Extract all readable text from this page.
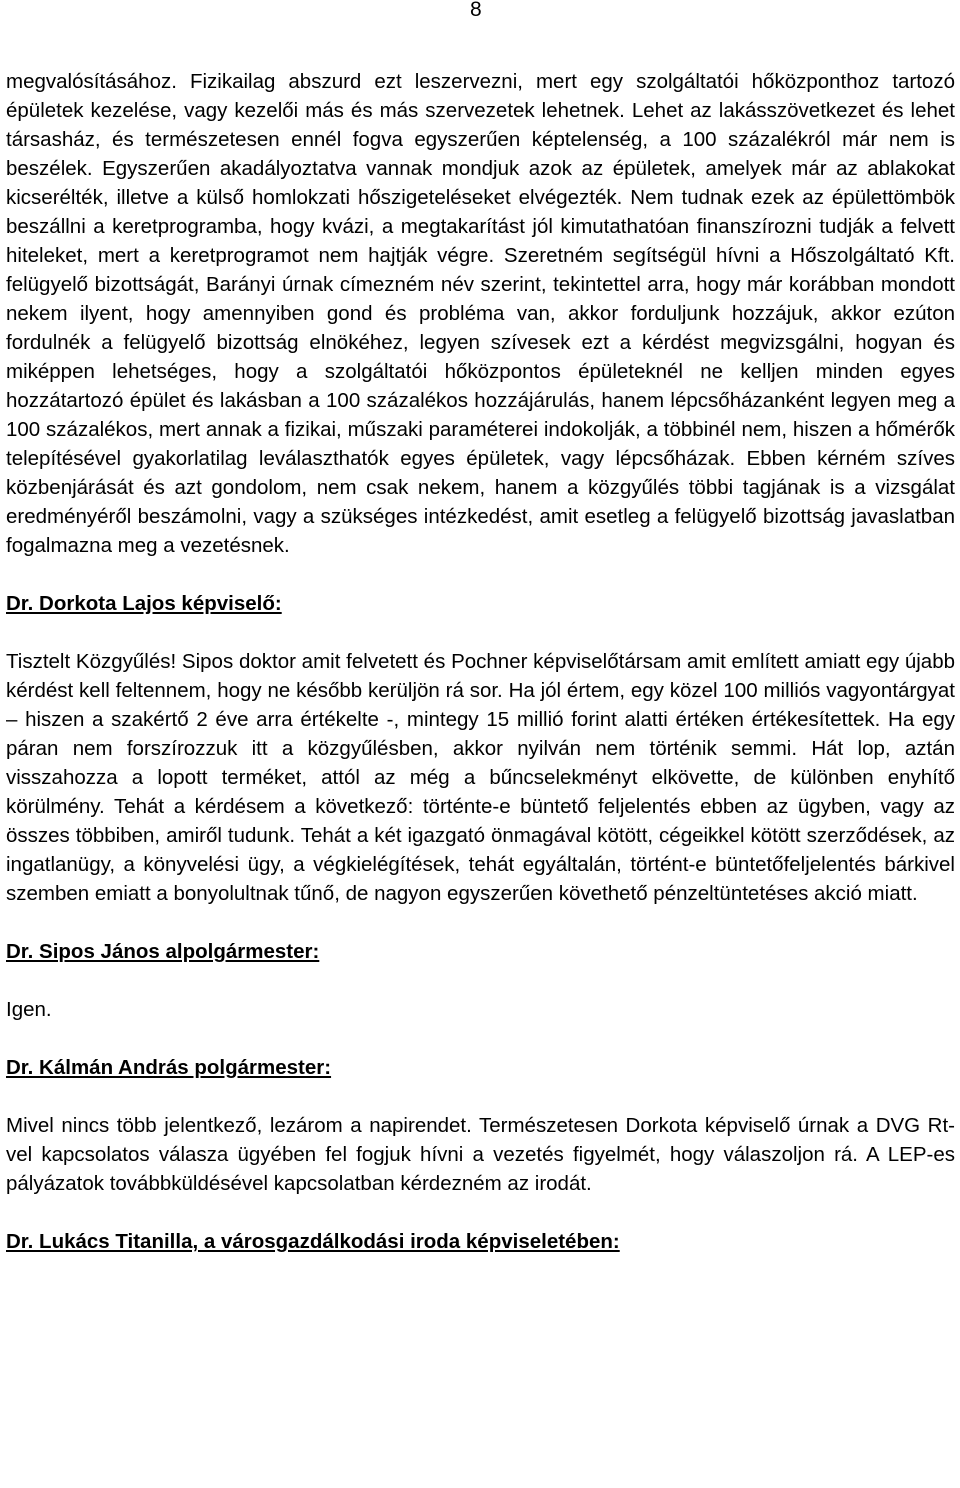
8

megvalósításához. Fizikailag abszurd ezt leszervezni, mert egy szolgáltatói hőközponthoz tartozó épületek kezelése, vagy kezelői más és más szervezetek lehetnek. Lehet az lakásszövetkezet és lehet társasház, és természetesen ennél fogva egyszerűen képtelenség, a 100 százalékról már nem is beszélek. Egyszerűen akadályoztatva vannak mondjuk azok az épületek, amelyek már az ablakokat kicserélték, illetve a külső homlokzati hőszigeteléseket elvégezték. Nem tudnak ezek az épülettömbök beszállni a keretprogramba, hogy kvázi, a megtakarítást jól kimutathatóan finanszírozni tudják a felvett hiteleket, mert a keretprogramot nem hajtják végre. Szeretném segítségül hívni a Hőszolgáltató Kft. felügyelő bizottságát, Barányi úrnak címezném név szerint, tekintettel arra, hogy már korábban mondott nekem ilyent, hogy amennyiben gond és probléma van, akkor forduljunk hozzájuk, akkor ezúton fordulnék a felügyelő bizottság elnökéhez, legyen szívesek ezt a kérdést megvizsgálni, hogyan és miképpen lehetséges, hogy a szolgáltatói hőközpontos épületeknél ne kelljen minden egyes hozzátartozó épület és lakásban a 100 százalékos hozzájárulás, hanem lépcsőházanként legyen meg a 100 százalékos, mert annak a fizikai, műszaki paraméterei indokolják, a többinél nem, hiszen a hőmérők telepítésével gyakorlatilag leválaszthatók egyes épületek, vagy lépcsőházak. Ebben kérném szíves közbenjárását és azt gondolom, nem csak nekem, hanem a közgyűlés többi tagjának is a vizsgálat eredményéről beszámolni, vagy a szükséges intézkedést, amit esetleg a felügyelő bizottság javaslatban fogalmazna meg a vezetésnek.

Dr. Dorkota Lajos képviselő:

Tisztelt Közgyűlés! Sipos doktor amit felvetett és Pochner képviselőtársam amit említett amiatt egy újabb kérdést kell feltennem, hogy ne később kerüljön rá sor. Ha jól értem, egy közel 100 milliós vagyontárgyat – hiszen a szakértő 2 éve arra értékelte -, mintegy 15 millió forint alatti értéken értékesítettek. Ha egy páran nem forszírozzuk itt a közgyűlésben, akkor nyilván nem történik semmi. Hát lop, aztán visszahozza a lopott terméket, attól az még a bűncselekményt elkövette, de különben enyhítő körülmény. Tehát a kérdésem a következő: történte-e büntető feljelentés ebben az ügyben, vagy az összes többiben, amiről tudunk. Tehát a két igazgató önmagával kötött, cégeikkel kötött szerződések, az ingatlanügy, a könyvelési ügy, a végkielégítések, tehát egyáltalán, történt-e büntetőfeljelentés bárkivel szemben emiatt a bonyolultnak tűnő, de nagyon egyszerűen követhető pénzeltüntetéses akció miatt.

Dr. Sipos János alpolgármester:

Igen.

Dr. Kálmán András polgármester:

Mivel nincs több jelentkező, lezárom a napirendet. Természetesen Dorkota képviselő úrnak a DVG Rt-vel kapcsolatos válasza ügyében fel fogjuk hívni a vezetés figyelmét, hogy válaszoljon rá. A LEP-es pályázatok továbbküldésével kapcsolatban kérdezném az irodát.

Dr. Lukács Titanilla, a városgazdálkodási iroda képviseletében:
